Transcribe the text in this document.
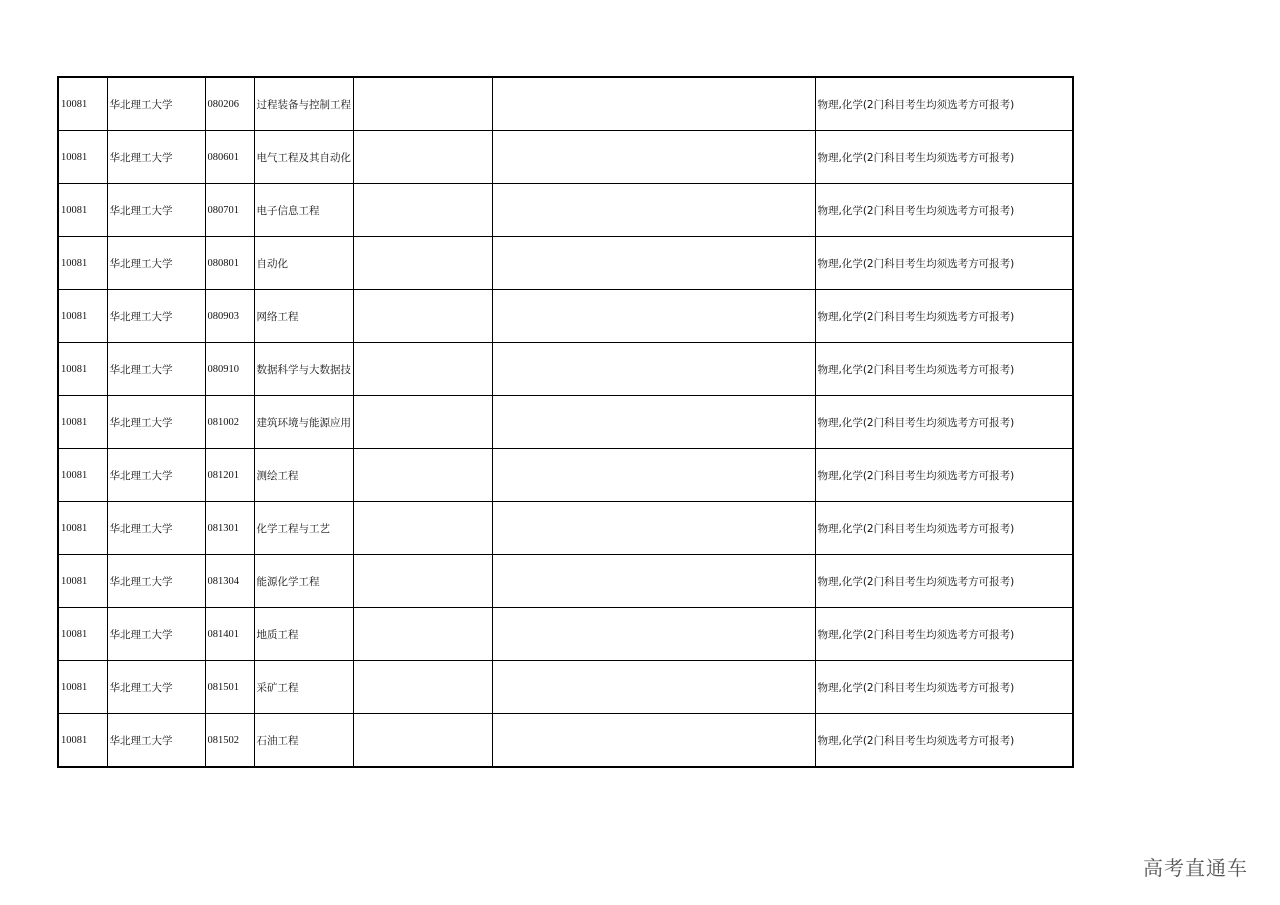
10081	华北理工大学	080206	过程装备与控制工程			物理,化学(2门科目考生均须选考方可报考)
10081	华北理工大学	080601	电气工程及其自动化			物理,化学(2门科目考生均须选考方可报考)
10081	华北理工大学	080701	电子信息工程			物理,化学(2门科目考生均须选考方可报考)
10081	华北理工大学	080801	自动化			物理,化学(2门科目考生均须选考方可报考)
10081	华北理工大学	080903	网络工程			物理,化学(2门科目考生均须选考方可报考)
10081	华北理工大学	080910	数据科学与大数据技			物理,化学(2门科目考生均须选考方可报考)
10081	华北理工大学	081002	建筑环境与能源应用			物理,化学(2门科目考生均须选考方可报考)
10081	华北理工大学	081201	测绘工程			物理,化学(2门科目考生均须选考方可报考)
10081	华北理工大学	081301	化学工程与工艺			物理,化学(2门科目考生均须选考方可报考)
10081	华北理工大学	081304	能源化学工程			物理,化学(2门科目考生均须选考方可报考)
10081	华北理工大学	081401	地质工程			物理,化学(2门科目考生均须选考方可报考)
10081	华北理工大学	081501	采矿工程			物理,化学(2门科目考生均须选考方可报考)
10081	华北理工大学	081502	石油工程			物理,化学(2门科目考生均须选考方可报考)
高考直通车
